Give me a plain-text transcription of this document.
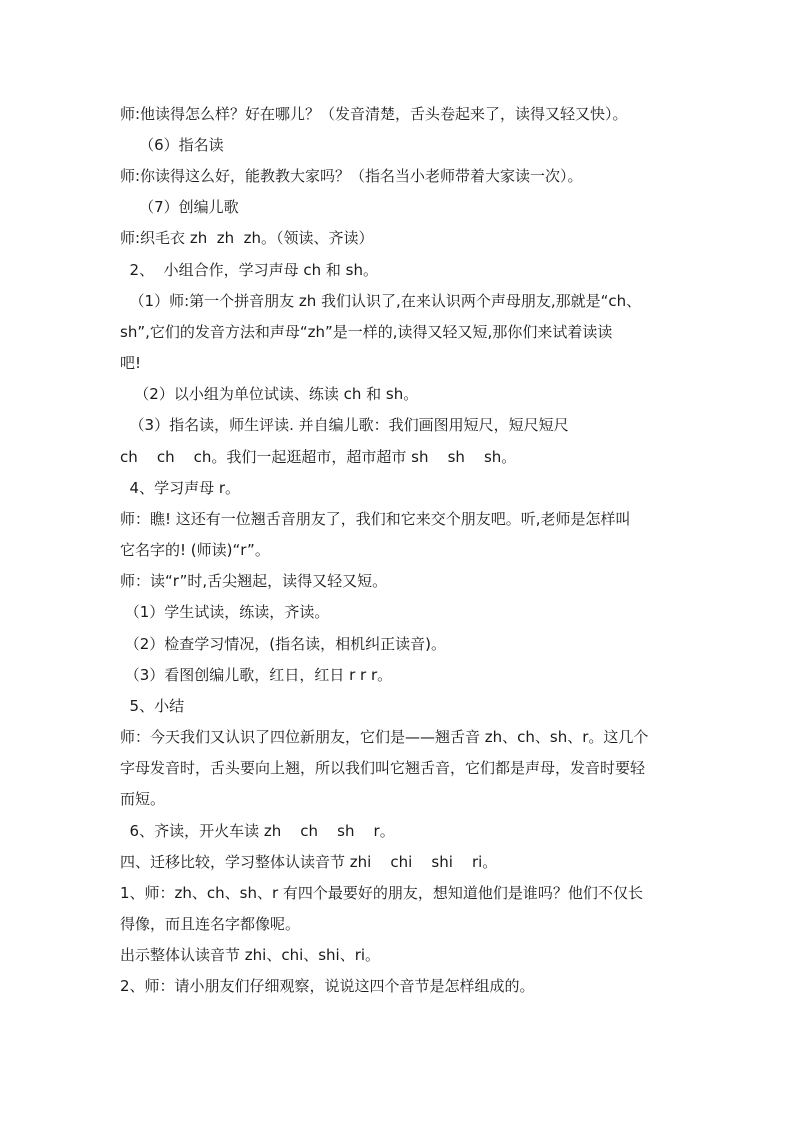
师:他读得怎么样？好在哪儿？（发音清楚，舌头卷起来了，读得又轻又快）。
（6）指名读
师:你读得这么好，能教教大家吗？（指名当小老师带着大家读一次）。
（7）创编儿歌
师:织毛衣 zh  zh  zh。（领读、齐读）
2、  小组合作，学习声母 ch 和 sh。
（1）师:第一个拼音朋友 zh 我们认识了,在来认识两个声母朋友,那就是“ch、
sh”,它们的发音方法和声母“zh”是一样的,读得又轻又短,那你们来试着读读
吧!
（2）以小组为单位试读、练读 ch 和 sh。
（3）指名读，师生评读. 并自编儿歌：我们画图用短尺，短尺短尺
ch    ch    ch。我们一起逛超市，超市超市 sh    sh    sh。
4、学习声母 r。
师：瞧! 这还有一位翘舌音朋友了，我们和它来交个朋友吧。听,老师是怎样叫
它名字的! (师读)“r”。
师：读“r”时,舌尖翘起，读得又轻又短。
（1）学生试读，练读，齐读。
（2）检查学习情况，(指名读，相机纠正读音)。
（3）看图创编儿歌，红日，红日 r r r。
5、小结
师：今天我们又认识了四位新朋友，它们是——翘舌音 zh、ch、sh、r。这几个
字母发音时，舌头要向上翘，所以我们叫它翘舌音，它们都是声母，发音时要轻
而短。
6、齐读，开火车读 zh    ch    sh    r。
四、迁移比较，学习整体认读音节 zhi    chi    shi    ri。
1、师：zh、ch、sh、r 有四个最要好的朋友，想知道他们是谁吗？他们不仅长
得像，而且连名字都像呢。
出示整体认读音节 zhi、chi、shi、ri。
2、师：请小朋友们仔细观察，说说这四个音节是怎样组成的。
